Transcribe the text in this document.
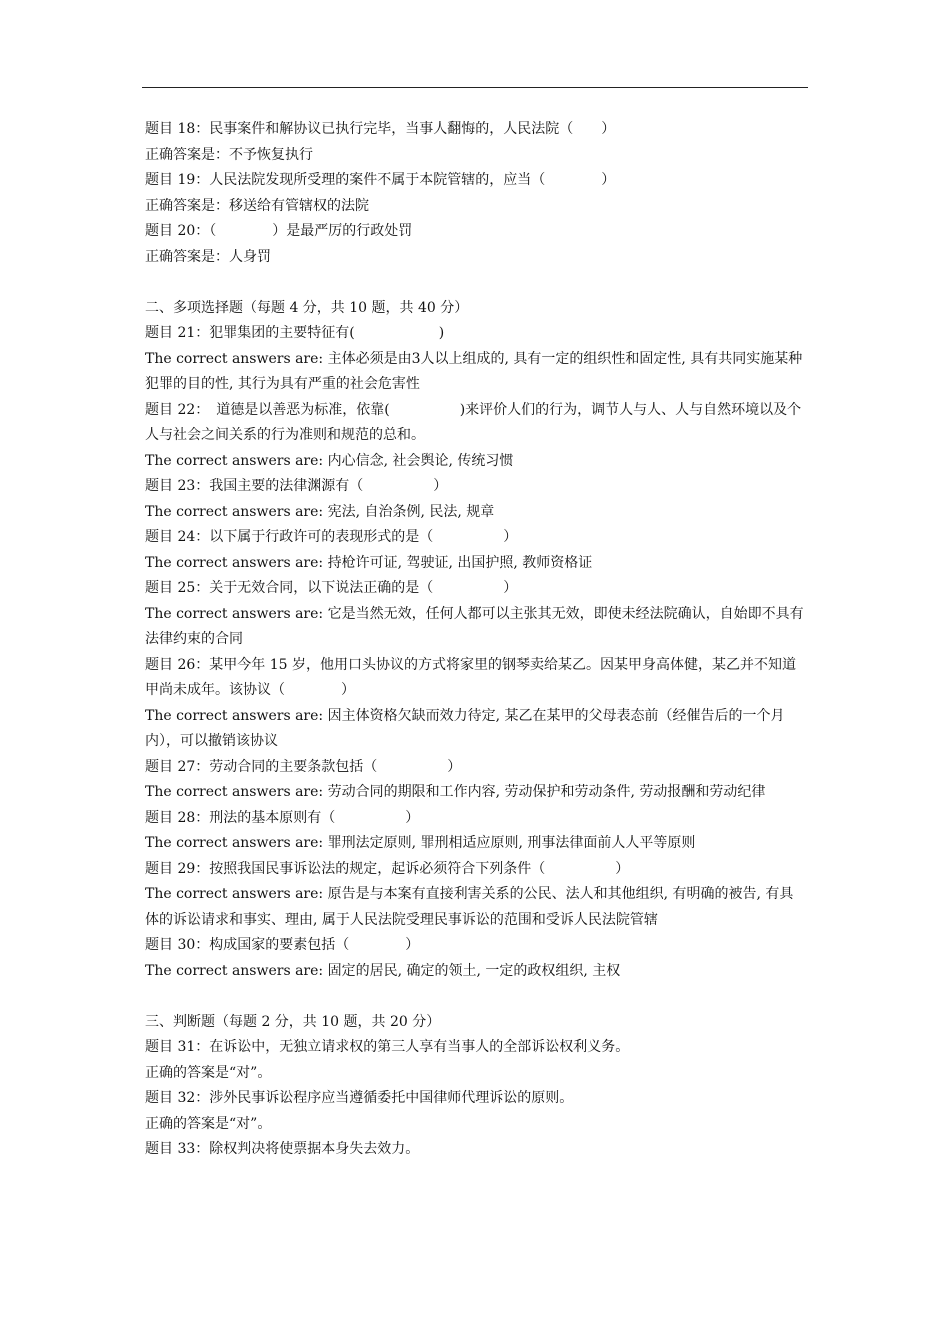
题目 18：民事案件和解协议已执行完毕，当事人翻悔的，人民法院（　　）

正确答案是：不予恢复执行

题目 19：人民法院发现所受理的案件不属于本院管辖的，应当（　　　　）

正确答案是：移送给有管辖权的法院

题目 20：（　　　　）是最严厉的行政处罚

正确答案是：人身罚

二、多项选择题（每题 4 分，共 10 题，共 40 分）

题目 21：犯罪集团的主要特征有(　　　　　　)

The correct answers are: 主体必须是由3人以上组成的, 具有一定的组织性和固定性, 具有共同实施某种犯罪的目的性, 其行为具有严重的社会危害性

题目 22：　道德是以善恶为标准，依靠(　　　　　)来评价人们的行为，调节人与人、人与自然环境以及个人与社会之间关系的行为准则和规范的总和。

The correct answers are: 内心信念, 社会舆论, 传统习惯

题目 23：我国主要的法律渊源有（　　　　　）

The correct answers are: 宪法, 自治条例, 民法, 规章

题目 24：以下属于行政许可的表现形式的是（　　　　　）

The correct answers are: 持枪许可证, 驾驶证, 出国护照, 教师资格证

题目 25：关于无效合同，以下说法正确的是（　　　　　）

The correct answers are: 它是当然无效，任何人都可以主张其无效，即使未经法院确认，自始即不具有法律约束的合同

题目 26：某甲今年 15 岁，他用口头协议的方式将家里的钢琴卖给某乙。因某甲身高体健，某乙并不知道甲尚未成年。该协议（　　　　）

The correct answers are: 因主体资格欠缺而效力待定, 某乙在某甲的父母表态前（经催告后的一个月内），可以撤销该协议

题目 27：劳动合同的主要条款包括（　　　　　）

The correct answers are: 劳动合同的期限和工作内容, 劳动保护和劳动条件, 劳动报酬和劳动纪律

题目 28：刑法的基本原则有（　　　　　）

The correct answers are: 罪刑法定原则, 罪刑相适应原则, 刑事法律面前人人平等原则

题目 29：按照我国民事诉讼法的规定，起诉必须符合下列条件（　　　　　）

The correct answers are: 原告是与本案有直接利害关系的公民、法人和其他组织, 有明确的被告, 有具体的诉讼请求和事实、理由, 属于人民法院受理民事诉讼的范围和受诉人民法院管辖

题目 30：构成国家的要素包括（　　　　）

The correct answers are: 固定的居民, 确定的领土, 一定的政权组织, 主权

三、判断题（每题 2 分，共 10 题，共 20 分）

题目 31：在诉讼中，无独立请求权的第三人享有当事人的全部诉讼权利义务。

正确的答案是“对”。

题目 32：涉外民事诉讼程序应当遵循委托中国律师代理诉讼的原则。

正确的答案是“对”。

题目 33：除权判决将使票据本身失去效力。
